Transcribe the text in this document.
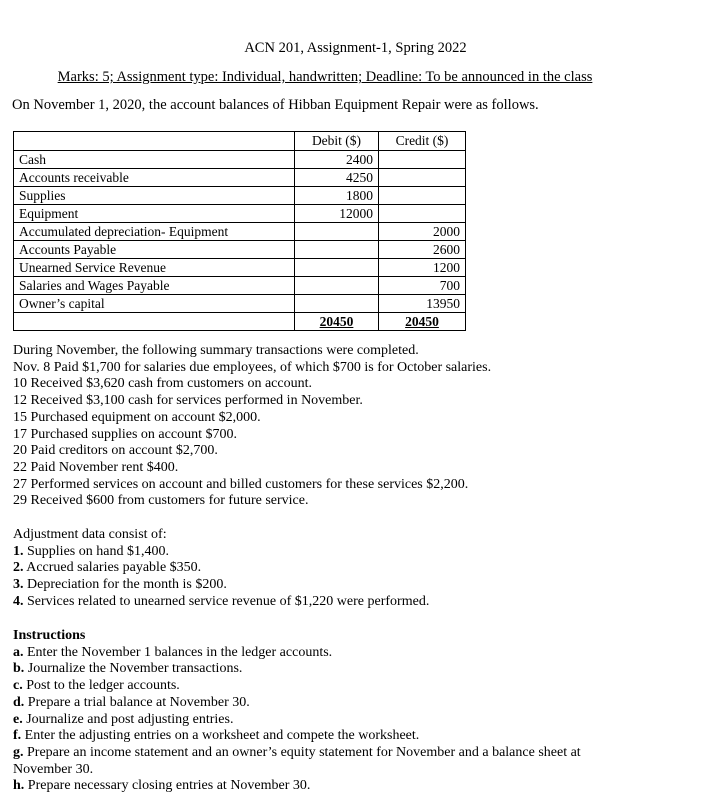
ACN 201, Assignment-1, Spring 2022
Marks: 5; Assignment type: Individual, handwritten; Deadline: To be announced in the class
On November 1, 2020, the account balances of Hibban Equipment Repair were as follows.
	Debit ($)	Credit ($)
Cash	2400	
Accounts receivable	4250	
Supplies	1800	
Equipment	12000	
Accumulated depreciation- Equipment		2000
Accounts Payable		2600
Unearned Service Revenue		1200
Salaries and Wages Payable		700
Owner’s capital		13950
	20450	20450
During November, the following summary transactions were completed.
Nov. 8 Paid $1,700 for salaries due employees, of which $700 is for October salaries.
10 Received $3,620 cash from customers on account.
12 Received $3,100 cash for services performed in November.
15 Purchased equipment on account $2,000.
17 Purchased supplies on account $700.
20 Paid creditors on account $2,700.
22 Paid November rent $400.
27 Performed services on account and billed customers for these services $2,200.
29 Received $600 from customers for future service.
Adjustment data consist of:
1. Supplies on hand $1,400.
2. Accrued salaries payable $350.
3. Depreciation for the month is $200.
4. Services related to unearned service revenue of $1,220 were performed.
Instructions
a. Enter the November 1 balances in the ledger accounts.
b. Journalize the November transactions.
c. Post to the ledger accounts.
d. Prepare a trial balance at November 30.
e. Journalize and post adjusting entries.
f. Enter the adjusting entries on a worksheet and compete the worksheet.
g. Prepare an income statement and an owner’s equity statement for November and a balance sheet at
November 30.
h. Prepare necessary closing entries at November 30.
